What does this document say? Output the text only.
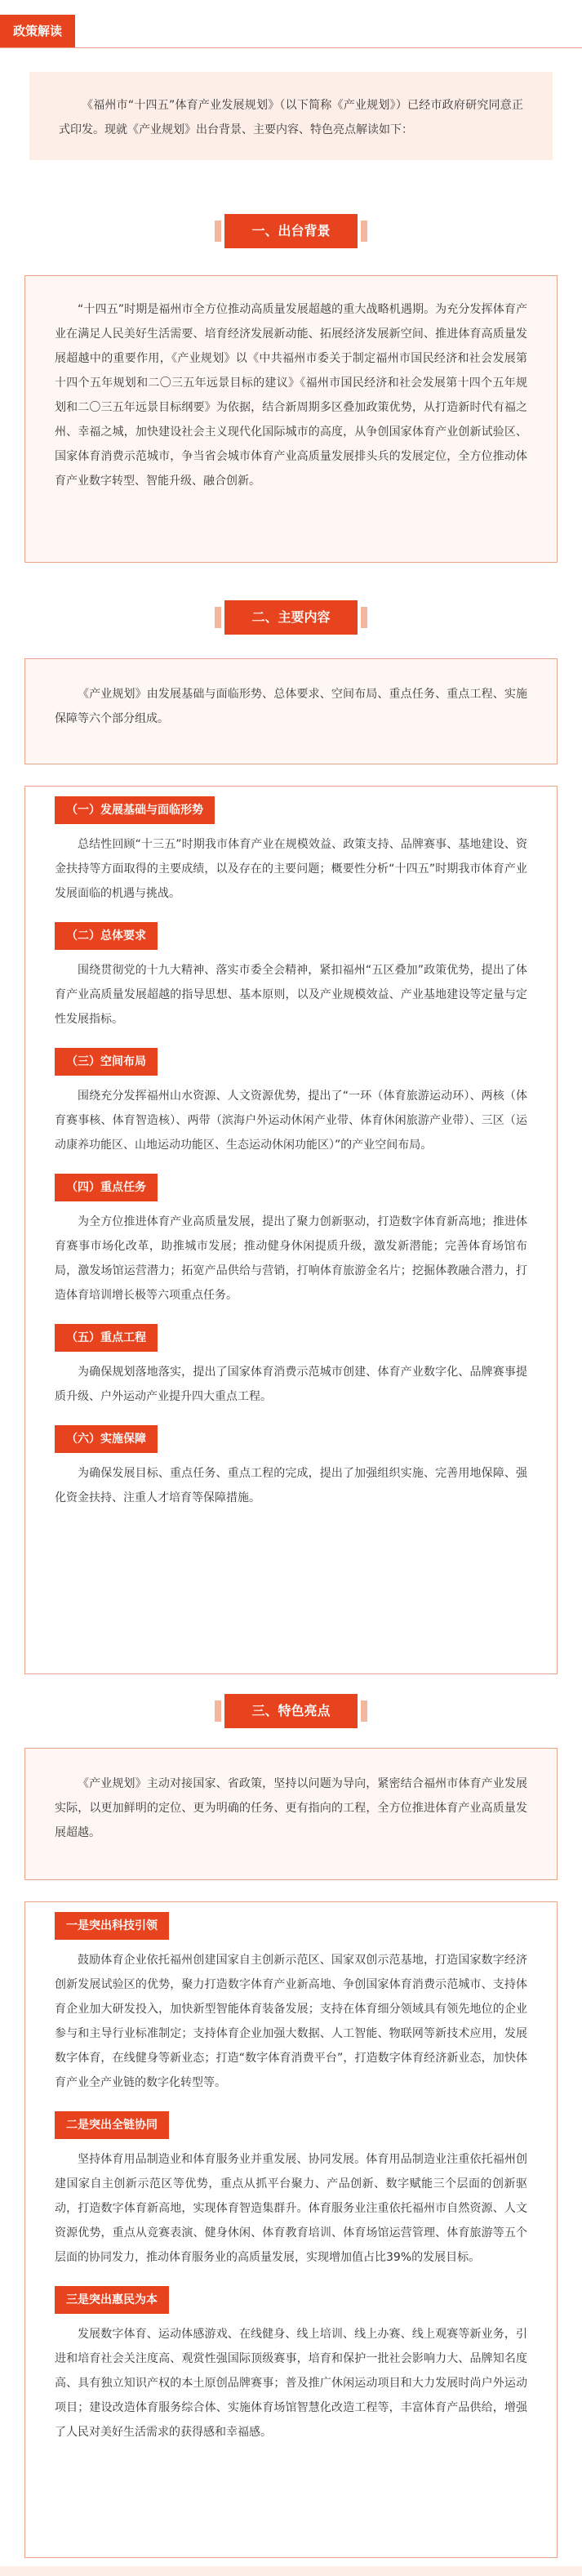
政策解读
《福州市“十四五”体育产业发展规划》（以下简称《产业规划》）已经市政府研究同意正式印发。现就《产业规划》出台背景、主要内容、特色亮点解读如下：
一、出台背景

“十四五”时期是福州市全方位推动高质量发展超越的重大战略机遇期。为充分发挥体育产业在满足人民美好生活需要、培育经济发展新动能、拓展经济发展新空间、推进体育高质量发展超越中的重要作用，《产业规划》以《中共福州市委关于制定福州市国民经济和社会发展第十四个五年规划和二〇三五年远景目标的建议》《福州市国民经济和社会发展第十四个五年规划和二〇三五年远景目标纲要》为依据，结合新周期多区叠加政策优势，从打造新时代有福之州、幸福之城，加快建设社会主义现代化国际城市的高度，从争创国家体育产业创新试验区、国家体育消费示范城市，争当省会城市体育产业高质量发展排头兵的发展定位，全方位推动体育产业数字转型、智能升级、融合创新。

二、主要内容

《产业规划》由发展基础与面临形势、总体要求、空间布局、重点任务、重点工程、实施保障等六个部分组成。

（一）发展基础与面临形势

总结性回顾“十三五”时期我市体育产业在规模效益、政策支持、品牌赛事、基地建设、资金扶持等方面取得的主要成绩，以及存在的主要问题；概要性分析“十四五”时期我市体育产业发展面临的机遇与挑战。

（二）总体要求

围绕贯彻党的十九大精神、落实市委全会精神，紧扣福州“五区叠加”政策优势，提出了体育产业高质量发展超越的指导思想、基本原则，以及产业规模效益、产业基地建设等定量与定性发展指标。

（三）空间布局

围绕充分发挥福州山水资源、人文资源优势，提出了“一环（体育旅游运动环）、两核（体育赛事核、体育智造核）、两带（滨海户外运动休闲产业带、体育休闲旅游产业带）、三区（运动康养功能区、山地运动功能区、生态运动休闲功能区）”的产业空间布局。

（四）重点任务

为全方位推进体育产业高质量发展，提出了聚力创新驱动，打造数字体育新高地；推进体育赛事市场化改革，助推城市发展；推动健身休闲提质升级，激发新潜能；完善体育场馆布局，激发场馆运营潜力；拓宽产品供给与营销，打响体育旅游金名片；挖掘体教融合潜力，打造体育培训增长极等六项重点任务。

（五）重点工程

为确保规划落地落实，提出了国家体育消费示范城市创建、体育产业数字化、品牌赛事提质升级、户外运动产业提升四大重点工程。

（六）实施保障

为确保发展目标、重点任务、重点工程的完成，提出了加强组织实施、完善用地保障、强化资金扶持、注重人才培育等保障措施。

三、特色亮点

《产业规划》主动对接国家、省政策，坚持以问题为导向，紧密结合福州市体育产业发展实际，以更加鲜明的定位、更为明确的任务、更有指向的工程，全方位推进体育产业高质量发展超越。

一是突出科技引领

鼓励体育企业依托福州创建国家自主创新示范区、国家双创示范基地，打造国家数字经济创新发展试验区的优势，聚力打造数字体育产业新高地、争创国家体育消费示范城市、支持体育企业加大研发投入，加快新型智能体育装备发展；支持在体育细分领域具有领先地位的企业参与和主导行业标准制定；支持体育企业加强大数据、人工智能、物联网等新技术应用，发展数字体育，在线健身等新业态；打造“数字体育消费平台”，打造数字体育经济新业态，加快体育产业全产业链的数字化转型等。

二是突出全链协同

坚持体育用品制造业和体育服务业并重发展、协同发展。体育用品制造业注重依托福州创建国家自主创新示范区等优势，重点从抓平台聚力、产品创新、数字赋能三个层面的创新驱动，打造数字体育新高地，实现体育智造集群升。体育服务业注重依托福州市自然资源、人文资源优势，重点从竞赛表演、健身休闲、体育教育培训、体育场馆运营管理、体育旅游等五个层面的协同发力，推动体育服务业的高质量发展，实现增加值占比39%的发展目标。

三是突出惠民为本

发展数字体育、运动体感游戏、在线健身、线上培训、线上办赛、线上观赛等新业务，引进和培育社会关注度高、观赏性强国际顶级赛事，培育和保护一批社会影响力大、品牌知名度高、具有独立知识产权的本土原创品牌赛事；普及推广休闲运动项目和大力发展时尚户外运动项目；建设改造体育服务综合体、实施体育场馆智慧化改造工程等，丰富体育产品供给，增强了人民对美好生活需求的获得感和幸福感。
